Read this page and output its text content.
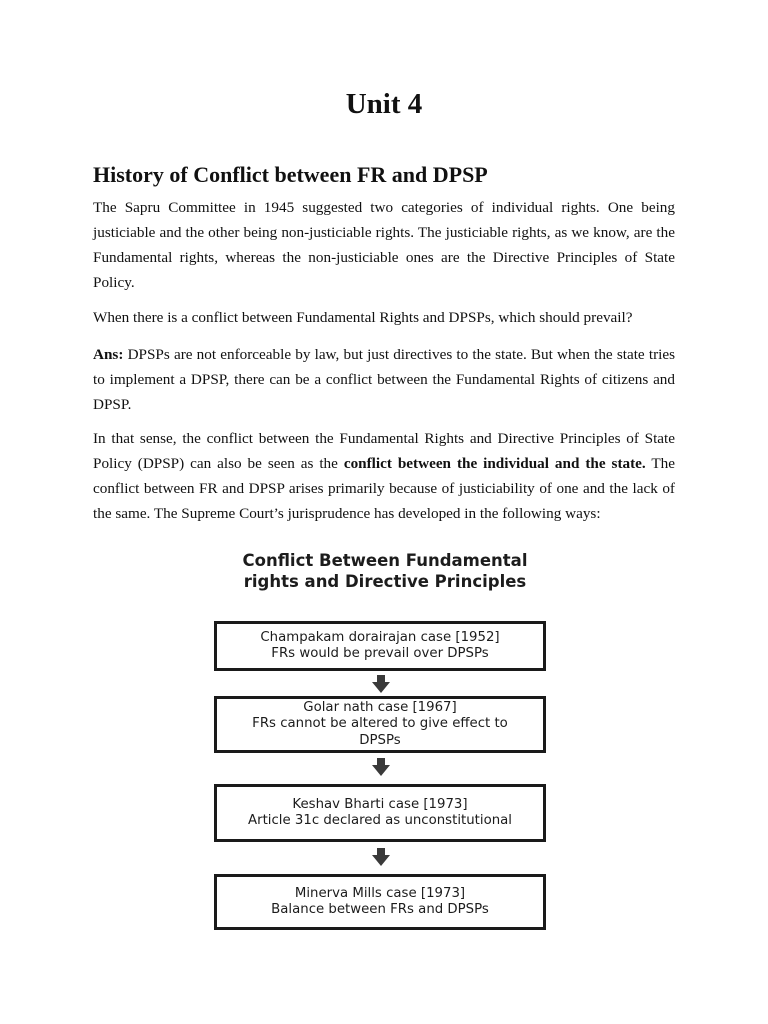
Unit 4
History of Conflict between FR and DPSP
The Sapru Committee in 1945 suggested two categories of individual rights. One being justiciable and the other being non-justiciable rights. The justiciable rights, as we know, are the Fundamental rights, whereas the non-justiciable ones are the Directive Principles of State Policy.
When there is a conflict between Fundamental Rights and DPSPs, which should prevail?
Ans: DPSPs are not enforceable by law, but just directives to the state. But when the state tries to implement a DPSP, there can be a conflict between the Fundamental Rights of citizens and DPSP.
In that sense, the conflict between the Fundamental Rights and Directive Principles of State Policy (DPSP) can also be seen as the conflict between the individual and the state. The conflict between FR and DPSP arises primarily because of justiciability of one and the lack of the same. The Supreme Court’s jurisprudence has developed in the following ways:
Conflict Between Fundamental
rights and Directive Principles
Champakam dorairajan case [1952]
FRs would be prevail over DPSPs
Golar nath case [1967]
FRs cannot be altered to give effect to
DPSPs
Keshav Bharti case [1973]
Article 31c declared as unconstitutional
Minerva Mills case [1973]
Balance between FRs and DPSPs
